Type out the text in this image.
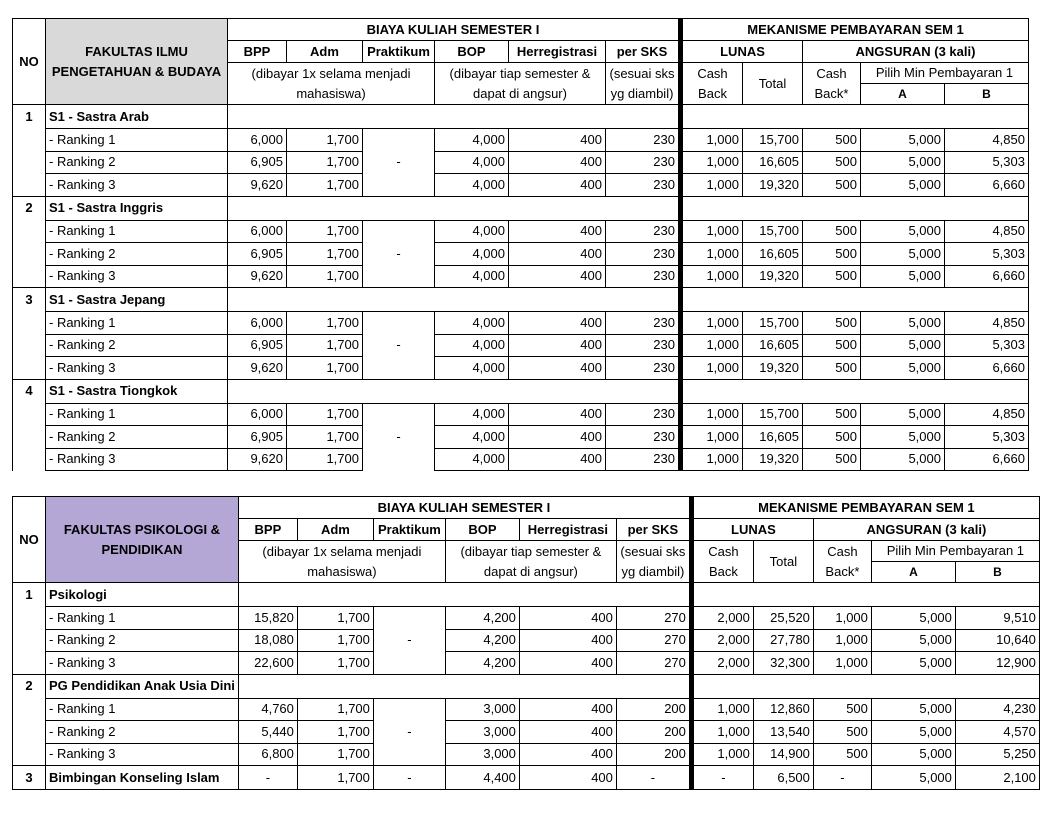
NO	FAKULTAS ILMU PENGETAHUAN & BUDAYA	BIAYA KULIAH SEMESTER I						MEKANISME PEMBAYARAN SEM 1				
		BPP	Adm	Praktikum	BOP	Herregistrasi	per SKS	LUNAS		ANGSURAN (3 kali)		
		(dibayar 1x selama menjadi mahasiswa)			(dibayar tiap semester & dapat di angsur)		(sesuai sks yg diambil)	Cash Back	Total	Cash Back*	Pilih Min Pembayaran 1	
											A	B
1	S1 - Sastra Arab											
	- Ranking 1	6,000	1,700		4,000	400	230	1,000	15,700	500	5,000	4,850
	- Ranking 2	6,905	1,700	-	4,000	400	230	1,000	16,605	500	5,000	5,303
	- Ranking 3	9,620	1,700		4,000	400	230	1,000	19,320	500	5,000	6,660
2	S1 - Sastra Inggris											
	- Ranking 1	6,000	1,700		4,000	400	230	1,000	15,700	500	5,000	4,850
	- Ranking 2	6,905	1,700	-	4,000	400	230	1,000	16,605	500	5,000	5,303
	- Ranking 3	9,620	1,700		4,000	400	230	1,000	19,320	500	5,000	6,660
3	S1 - Sastra Jepang											
	- Ranking 1	6,000	1,700		4,000	400	230	1,000	15,700	500	5,000	4,850
	- Ranking 2	6,905	1,700	-	4,000	400	230	1,000	16,605	500	5,000	5,303
	- Ranking 3	9,620	1,700		4,000	400	230	1,000	19,320	500	5,000	6,660
4	S1 - Sastra Tiongkok											
	- Ranking 1	6,000	1,700		4,000	400	230	1,000	15,700	500	5,000	4,850
	- Ranking 2	6,905	1,700	-	4,000	400	230	1,000	16,605	500	5,000	5,303
	- Ranking 3	9,620	1,700		4,000	400	230	1,000	19,320	500	5,000	6,660
NO	FAKULTAS PSIKOLOGI & PENDIDIKAN	BIAYA KULIAH SEMESTER I						MEKANISME PEMBAYARAN SEM 1				
		BPP	Adm	Praktikum	BOP	Herregistrasi	per SKS	LUNAS		ANGSURAN (3 kali)		
		(dibayar 1x selama menjadi mahasiswa)			(dibayar tiap semester & dapat di angsur)		(sesuai sks yg diambil)	Cash Back	Total	Cash Back*	Pilih Min Pembayaran 1	
											A	B
1	Psikologi											
	- Ranking 1	15,820	1,700		4,200	400	270	2,000	25,520	1,000	5,000	9,510
	- Ranking 2	18,080	1,700	-	4,200	400	270	2,000	27,780	1,000	5,000	10,640
	- Ranking 3	22,600	1,700		4,200	400	270	2,000	32,300	1,000	5,000	12,900
2	PG Pendidikan Anak Usia Dini											
	- Ranking 1	4,760	1,700		3,000	400	200	1,000	12,860	500	5,000	4,230
	- Ranking 2	5,440	1,700	-	3,000	400	200	1,000	13,540	500	5,000	4,570
	- Ranking 3	6,800	1,700		3,000	400	200	1,000	14,900	500	5,000	5,250
3	Bimbingan Konseling Islam	-	1,700	-	4,400	400	-	-	6,500	-	5,000	2,100
